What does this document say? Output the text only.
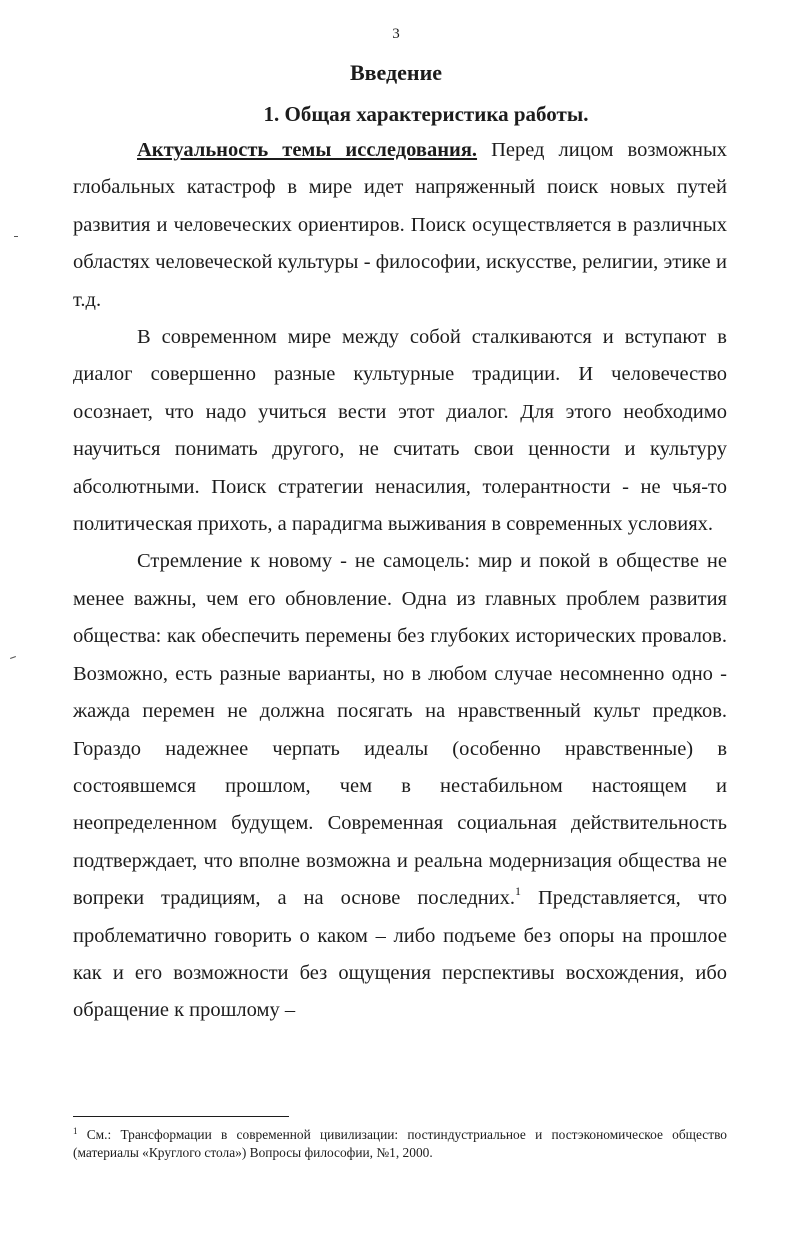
3
Введение
1. Общая характеристика работы.

Актуальность темы исследования. Перед лицом возможных глобальных катастроф в мире идет напряженный поиск новых путей развития и человеческих ориентиров. Поиск осуществляется в различных областях человеческой культуры - философии, искусстве, религии, этике и т.д.

В современном мире между собой сталкиваются и вступают в диалог совершенно разные культурные традиции. И человечество осознает, что надо учиться вести этот диалог. Для этого необходимо научиться понимать другого, не считать свои ценности и культуру абсолютными. Поиск стратегии ненасилия, толерантности - не чья-то политическая прихоть, а парадигма выживания в современных условиях.

Стремление к новому - не самоцель: мир и покой в обществе не менее важны, чем его обновление. Одна из главных проблем развития общества: как обеспечить перемены без глубоких исторических провалов. Возможно, есть разные варианты, но в любом случае несомненно одно - жажда перемен не должна посягать на нравственный культ предков. Гораздо надежнее черпать идеалы (особенно нравственные) в состоявшемся прошлом, чем в нестабильном настоящем и неопределенном будущем. Современная социальная действительность подтверждает, что вполне возможна и реальна модернизация общества не вопреки традициям, а на основе последних.$^1$ Представляется, что проблематично говорить о каком – либо подъеме без опоры на прошлое как и его возможности без ощущения перспективы восхождения, ибо обращение к прошлому –

$^1$ См.: Трансформации в современной цивилизации: постиндустриальное и постэкономическое общество (материалы «Круглого стола») Вопросы философии, №1, 2000.
